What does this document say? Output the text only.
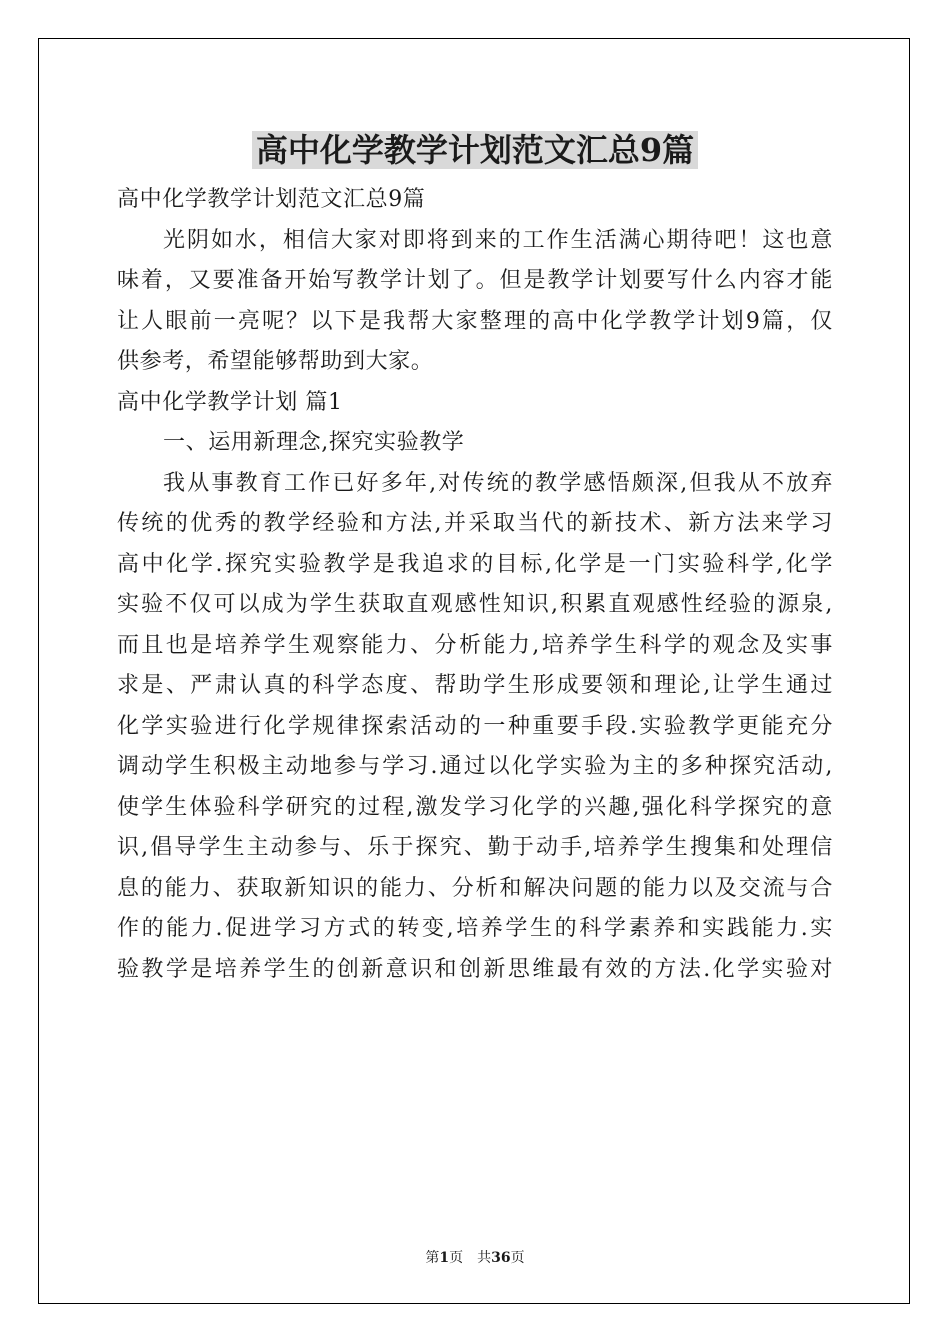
高中化学教学计划范文汇总9篇
高中化学教学计划范文汇总9篇
光阴如水，相信大家对即将到来的工作生活满心期待吧！这也意
味着，又要准备开始写教学计划了。但是教学计划要写什么内容才能
让人眼前一亮呢？以下是我帮大家整理的高中化学教学计划9篇，仅
供参考，希望能够帮助到大家。
高中化学教学计划 篇1
一、运用新理念,探究实验教学
我从事教育工作已好多年,对传统的教学感悟颇深,但我从不放弃
传统的优秀的教学经验和方法,并采取当代的新技术、新方法来学习
高中化学.探究实验教学是我追求的目标,化学是一门实验科学,化学
实验不仅可以成为学生获取直观感性知识,积累直观感性经验的源泉,
而且也是培养学生观察能力、分析能力,培养学生科学的观念及实事
求是、严肃认真的科学态度、帮助学生形成要领和理论,让学生通过
化学实验进行化学规律探索活动的一种重要手段.实验教学更能充分
调动学生积极主动地参与学习.通过以化学实验为主的多种探究活动,
使学生体验科学研究的过程,激发学习化学的兴趣,强化科学探究的意
识,倡导学生主动参与、乐于探究、勤于动手,培养学生搜集和处理信
息的能力、获取新知识的能力、分析和解决问题的能力以及交流与合
作的能力.促进学习方式的转变,培养学生的科学素养和实践能力.实
验教学是培养学生的创新意识和创新思维最有效的方法.化学实验对
第1页 共36页
